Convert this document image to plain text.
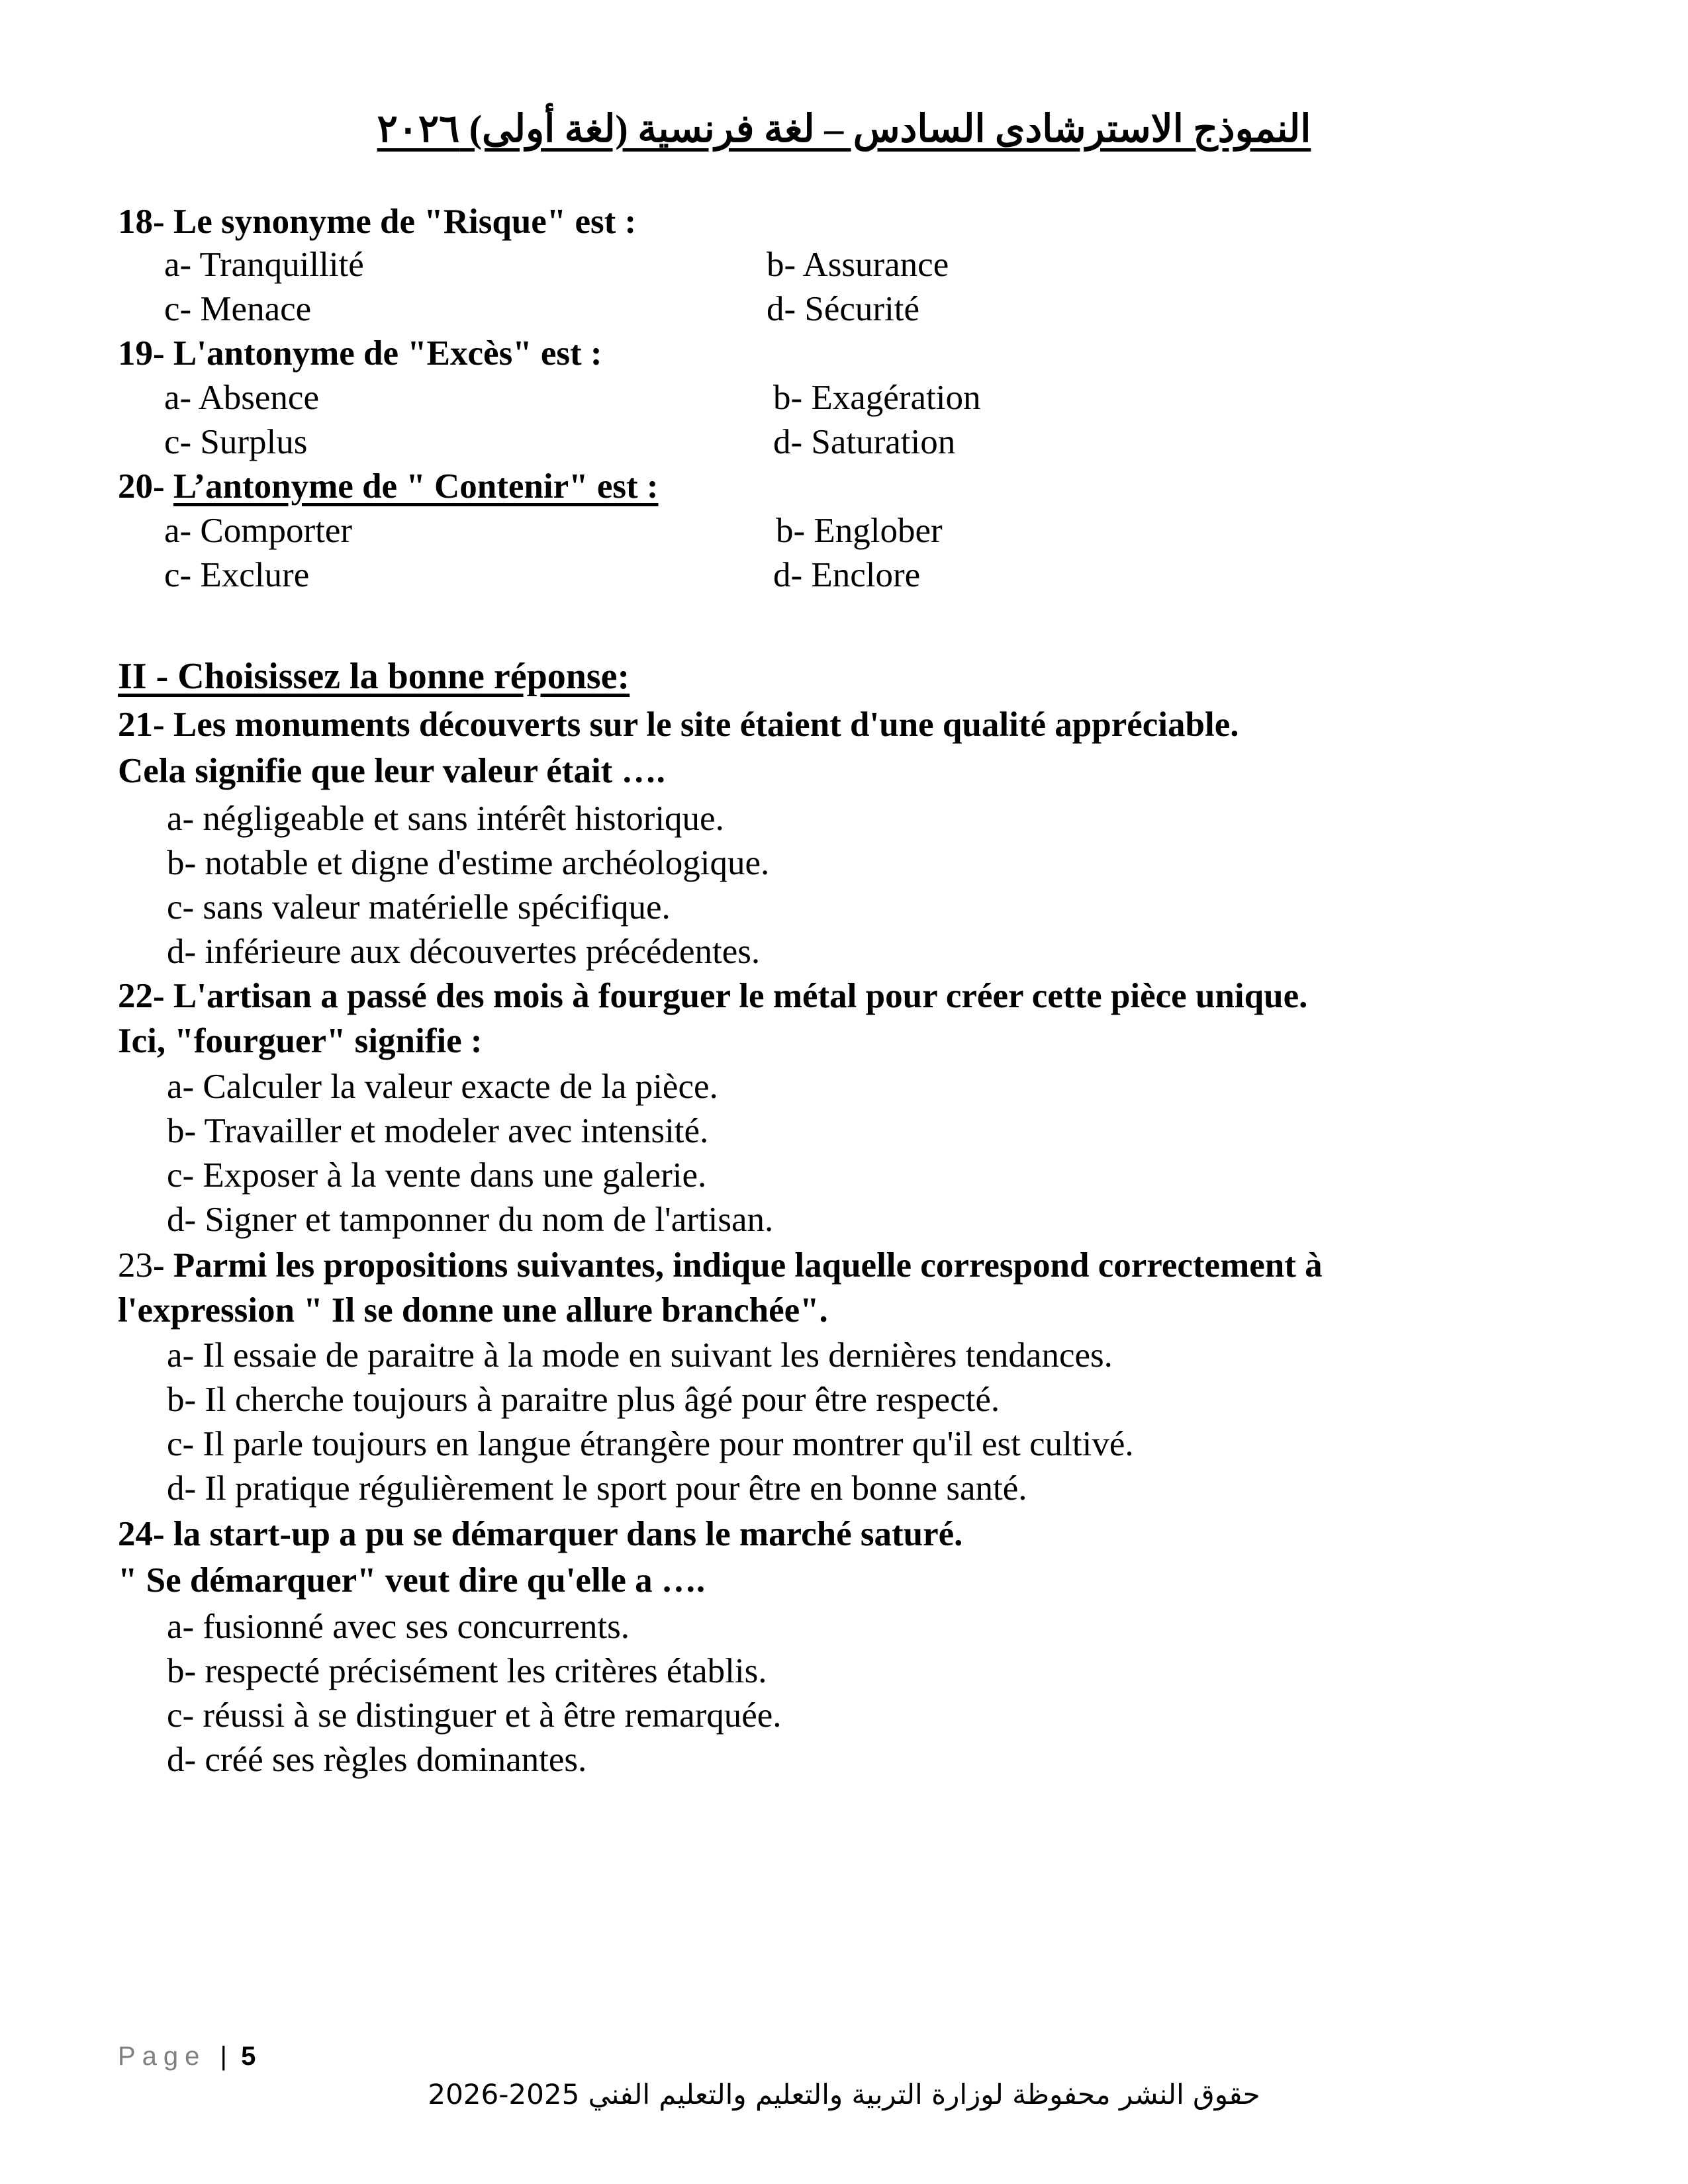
النموذج الاسترشادى السادس – لغة فرنسية (لغة أولى) ٢٠٢٦
18- Le synonyme de "Risque" est :
a- Tranquillité	b- Assurance
c- Menace	d- Sécurité
19- L'antonyme de "Excès" est :
a- Absence	b- Exagération
c- Surplus	d- Saturation
20- L’antonyme de " Contenir" est :
a- Comporter	b- Englober
c- Exclure	d- Enclore
II - Choisissez la bonne réponse:
21- Les monuments découverts sur le site étaient d'une qualité appréciable.
Cela signifie que leur valeur était ….
a- négligeable et sans intérêt historique.
b- notable et digne d'estime archéologique.
c- sans valeur matérielle spécifique.
d- inférieure aux découvertes précédentes.
22- L'artisan a passé des mois à fourguer le métal pour créer cette pièce unique.
Ici, "fourguer" signifie :
a- Calculer la valeur exacte de la pièce.
b- Travailler et modeler avec intensité.
c- Exposer à la vente dans une galerie.
d- Signer et tamponner du nom de l'artisan.
23- Parmi les propositions suivantes, indique laquelle correspond correctement à
l'expression " Il se donne une allure branchée".
a- Il essaie de paraitre à la mode en suivant les dernières tendances.
b- Il cherche toujours à paraitre plus âgé pour être respecté.
c- Il parle toujours en langue étrangère pour montrer qu'il est cultivé.
d- Il pratique régulièrement le sport pour être en bonne santé.
24- la start-up a pu se démarquer dans le marché saturé.
" Se démarquer" veut dire qu'elle a ….
a- fusionné avec ses concurrents.
b- respecté précisément les critères établis.
c- réussi à se distinguer et à être remarquée.
d- créé ses règles dominantes.
Page | 5
حقوق النشر محفوظة لوزارة التربية والتعليم والتعليم الفني 2025-2026
